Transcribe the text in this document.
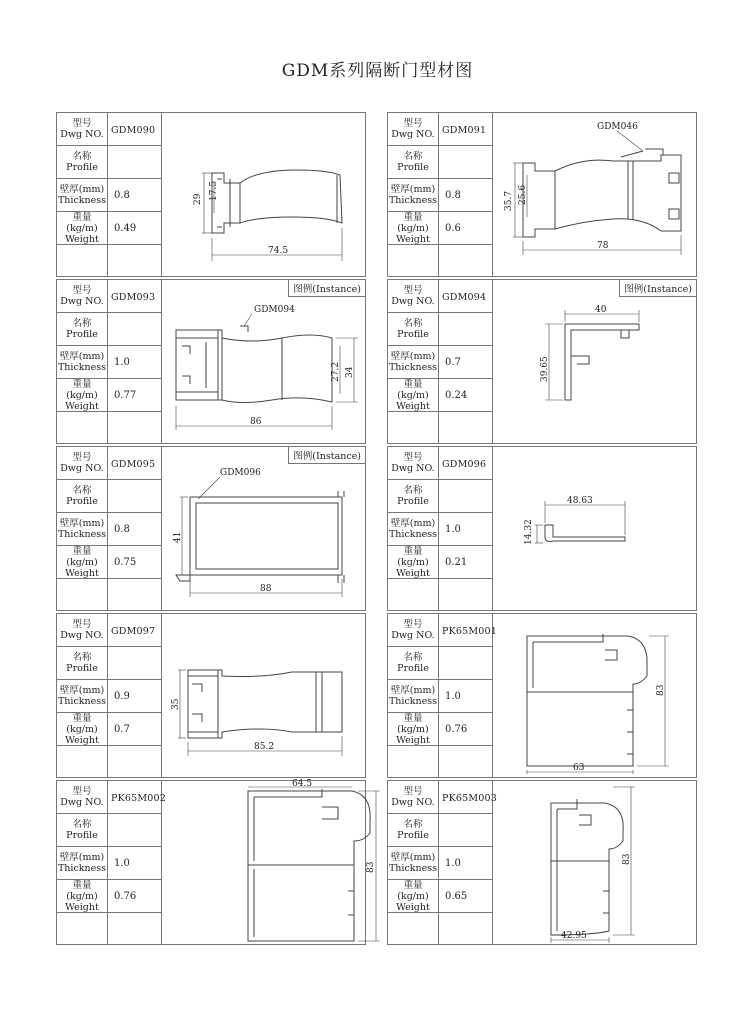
GDM系列隔断门型材图
型号
Dwg NO. GDM090
名称
Profile
壁厚(mm)
Thickness 0.8
重量(kg/m)
Weight
0.49
29 17.5
74.5
型号
Dwg NO. GDM091
名称
Profile
壁厚(mm)
Thickness 0.8
重量(kg/m)
Weight
0.6
GDM046
35.7 25.6
78
型号
Dwg NO. GDM093
名称
Profile
壁厚(mm)
Thickness 1.0
重量(kg/m)
Weight
0.77
GDM094
34
27.2
86
图例(Instance)	型号
Dwg NO. GDM094
名称
Profile
壁厚(mm)
Thickness 0.7
重量(kg/m)
Weight
0.24
40
39.65
图例(Instance)
型号
Dwg NO. GDM095
名称
Profile
壁厚(mm)
Thickness 0.8
重量(kg/m)
Weight
0.75
GDM096
41
88
图例(Instance)	型号
Dwg NO. GDM096
名称
Profile
壁厚(mm)
Thickness 1.0
重量(kg/m)
Weight
0.21
48.63
14.32
型号
Dwg NO. GDM097
名称
Profile
壁厚(mm)
Thickness 0.9
重量(kg/m)
Weight
0.7
35
85.2
型号
Dwg NO. PK65M001
名称
Profile
壁厚(mm)
Thickness 1.0
重量(kg/m)
Weight
0.76
83
63
型号
Dwg NO. PK65M002
名称
Profile
壁厚(mm)
Thickness 1.0
重量(kg/m)
Weight
0.76
64.5
83
型号
Dwg NO. PK65M003
名称
Profile
壁厚(mm)
Thickness 1.0
重量(kg/m)
Weight
0.65
83
42.95
